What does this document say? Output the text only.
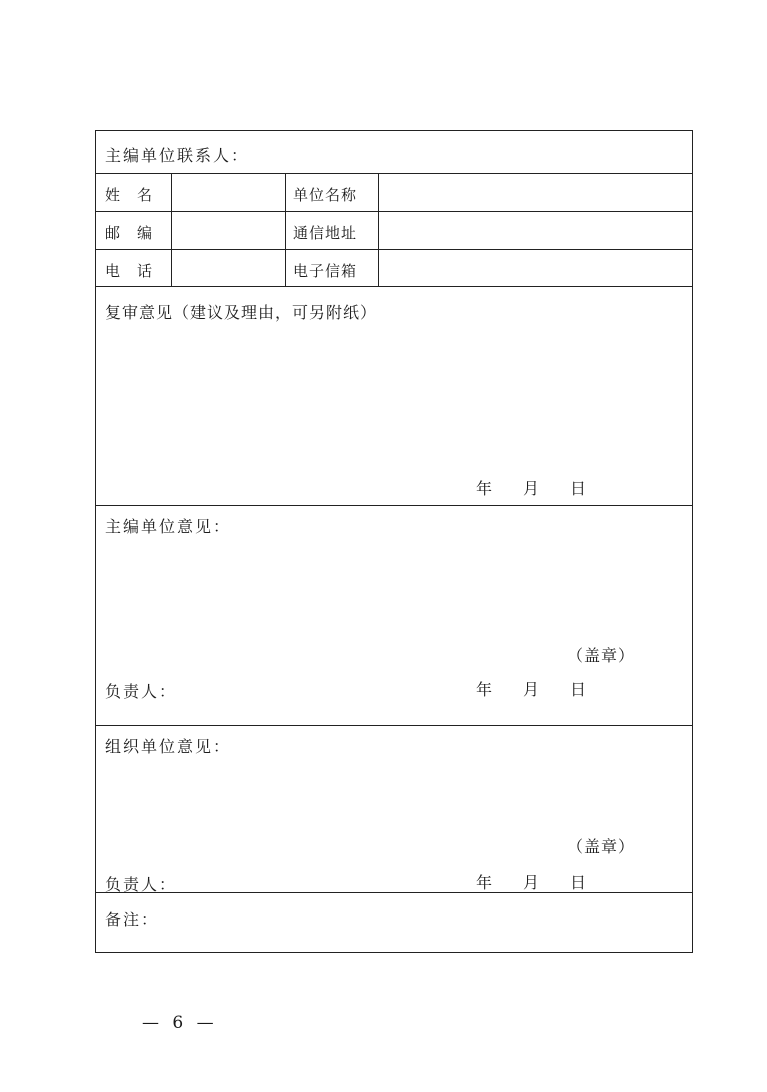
主编单位联系人：
姓　名	单位名称
邮　编	通信地址
电　话	电子信箱
复审意见（建议及理由，可另附纸）
年 月 日
主编单位意见：
（盖章）
负责人：	年 月 日
组织单位意见：
（盖章）
负责人：	年 月 日
备注：
— 6 —
